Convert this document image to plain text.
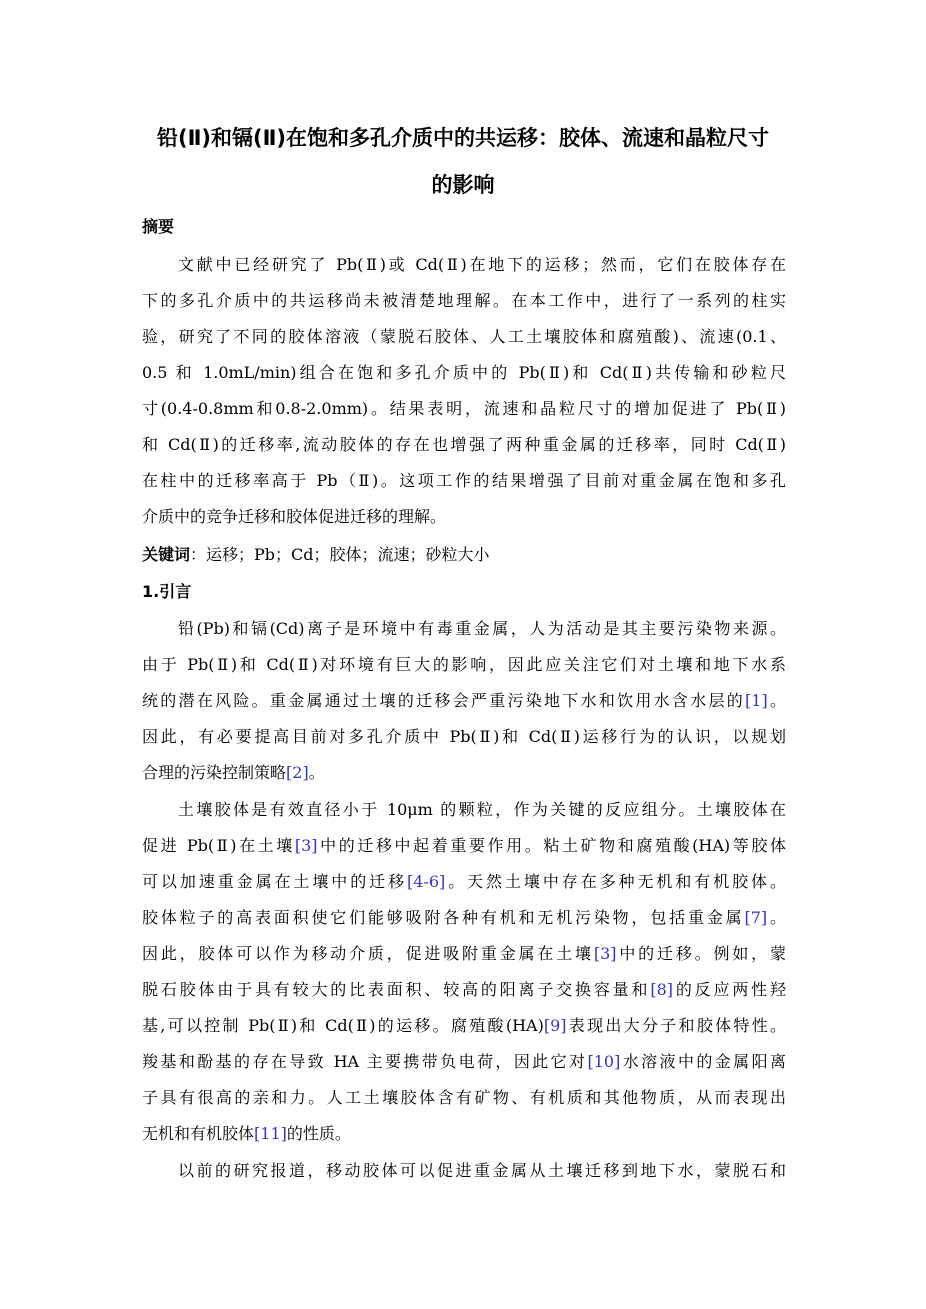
铅(Ⅱ)和镉(Ⅱ)在饱和多孔介质中的共运移：胶体、流速和晶粒尺寸
的影响
摘要
文献中已经研究了 Pb(Ⅱ)或 Cd(Ⅱ)在地下的运移；然而，它们在胶体存在
下的多孔介质中的共运移尚未被清楚地理解。在本工作中，进行了一系列的柱实
验，研究了不同的胶体溶液（蒙脱石胶体、人工土壤胶体和腐殖酸)、流速(0.1、
0.5 和 1.0mL/min)组合在饱和多孔介质中的 Pb(Ⅱ)和 Cd(Ⅱ)共传输和砂粒尺
寸(0.4-0.8mm和0.8-2.0mm)。结果表明，流速和晶粒尺寸的增加促进了 Pb(Ⅱ)
和 Cd(Ⅱ)的迁移率,流动胶体的存在也增强了两种重金属的迁移率，同时 Cd(Ⅱ)
在柱中的迁移率高于 Pb（Ⅱ)。这项工作的结果增强了目前对重金属在饱和多孔
介质中的竞争迁移和胶体促进迁移的理解。
关键词：运移；Pb；Cd；胶体；流速；砂粒大小
1.引言
铅(Pb)和镉(Cd)离子是环境中有毒重金属，人为活动是其主要污染物来源。
由于 Pb(Ⅱ)和 Cd(Ⅱ)对环境有巨大的影响，因此应关注它们对土壤和地下水系
统的潜在风险。重金属通过土壤的迁移会严重污染地下水和饮用水含水层的[1]。
因此，有必要提高目前对多孔介质中 Pb(Ⅱ)和 Cd(Ⅱ)运移行为的认识，以规划
合理的污染控制策略[2]。
土壤胶体是有效直径小于 10μm 的颗粒，作为关键的反应组分。土壤胶体在
促进 Pb(Ⅱ)在土壤[3]中的迁移中起着重要作用。粘土矿物和腐殖酸(HA)等胶体
可以加速重金属在土壤中的迁移[4-6]。天然土壤中存在多种无机和有机胶体。
胶体粒子的高表面积使它们能够吸附各种有机和无机污染物，包括重金属[7]。
因此，胶体可以作为移动介质，促进吸附重金属在土壤[3]中的迁移。例如，蒙
脱石胶体由于具有较大的比表面积、较高的阳离子交换容量和[8]的反应两性羟
基,可以控制 Pb(Ⅱ)和 Cd(Ⅱ)的运移。腐殖酸(HA)[9]表现出大分子和胶体特性。
羧基和酚基的存在导致 HA 主要携带负电荷，因此它对[10]水溶液中的金属阳离
子具有很高的亲和力。人工土壤胶体含有矿物、有机质和其他物质，从而表现出
无机和有机胶体[11]的性质。
以前的研究报道，移动胶体可以促进重金属从土壤迁移到地下水，蒙脱石和
